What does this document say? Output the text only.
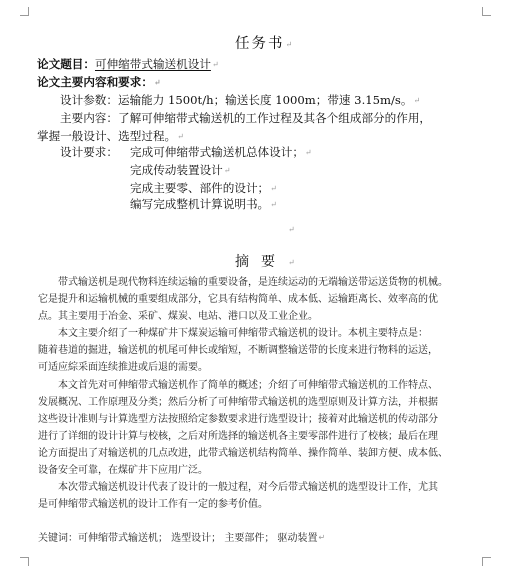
任务书↵
论文题目：可伸缩带式输送机设计↵
论文主要内容和要求：↵
设计参数：运输能力 1500t/h；输送长度 1000m；带速 3.15m/s。↵
主要内容：了解可伸缩带式输送机的工作过程及其各个组成部分的作用，
掌握一般设计、选型过程。↵
设计要求： 完成可伸缩带式输送机总体设计；↵
完成传动装置设计↵
完成主要零、部件的设计；↵
编写完成整机计算说明书。↵
↵
摘要↵
带式输送机是现代物料连续运输的重要设备，是连续运动的无端输送带运送货物的机械。
它是提升和运输机械的重要组成部分，它具有结构简单、成本低、运输距离长、效率高的优
点。其主要用于冶金、采矿、煤炭、电站、港口以及工业企业。
本文主要介绍了一种煤矿井下煤炭运输可伸缩带式输送机的设计。本机主要特点是：
随着巷道的掘进，输送机的机尾可伸长或缩短，不断调整输送带的长度来进行物料的运送，
可适应綜采面连续推进或后退的需要。
本文首先对可伸缩带式输送机作了简单的概述；介绍了可伸缩带式输送机的工作特点、
发展概况、工作原理及分类；然后分析了可伸缩带式输送机的选型原则及计算方法，并根据
这些设计准则与计算选型方法按照给定参数要求进行选型设计；接着对此输送机的传动部分
进行了详细的设计计算与校核，之后对所选择的输送机各主要零部件进行了校核；最后在理
论方面提出了对输送机的几点改进，此带式输送机结构简单、操作简单、装卸方便、成本低、
设备安全可靠，在煤矿井下应用广泛。
本次带式输送机设计代表了设计的一般过程，对今后带式输送机的选型设计工作，尤其
是可伸缩带式输送机的设计工作有一定的参考价值。
关键词：可伸缩带式输送机； 选型设计； 主要部件； 驱动装置↵
